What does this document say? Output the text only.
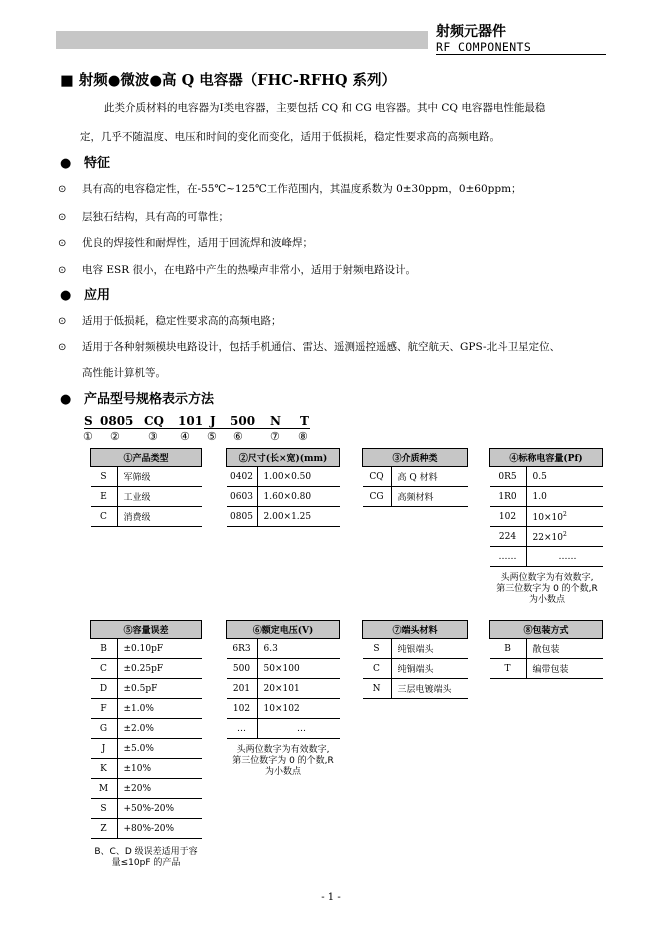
射频元器件
RF COMPONENTS
■ 射频●微波●高 Q 电容器（FHC-RFHQ 系列）
此类介质材料的电容器为Ⅰ类电容器，主要包括 CQ 和 CG 电容器。其中 CQ 电容器电性能最稳
定，几乎不随温度、电压和时间的变化而变化，适用于低损耗，稳定性要求高的高频电路。
● 特征
⊙ 具有高的电容稳定性，在-55℃~125℃工作范围内，其温度系数为 0±30ppm，0±60ppm；
⊙ 层独石结构，具有高的可靠性；
⊙ 优良的焊接性和耐焊性，适用于回流焊和波峰焊；
⊙ 电容 ESR 很小，在电路中产生的热噪声非常小，适用于射频电路设计。
● 应用
⊙ 适用于低损耗，稳定性要求高的高频电路；
⊙ 适用于各种射频模块电路设计，包括手机通信、雷达、遥测遥控遥感、航空航天、GPS-北斗卫星定位、
高性能计算机等。
● 产品型号规格表示方法
S 0805 CQ 101 J 500 N T
① ②	③ ④ ⑤ ⑥ ⑦ ⑧
①产品类型	
S	军筛级
E	工业级
C	消费级
②尺寸(长×宽)(mm)	
0402	1.00×0.50
0603	1.60×0.80
0805	2.00×1.25
③介质种类	
CQ	高 Q 材料
CG	高频材料
④标称电容量(Pf)	
0R5	0.5
1R0	1.0
102	$10\times 10^2$
224	$22\times 10^2$
……	……
头两位数字为有效数字,
第三位数字为 0 的个数,R
为小数点
⑤容量误差	
B	±0.10pF
C	±0.25pF
D	±0.5pF
F	±1.0%
G	±2.0%
J	±5.0%
K	±10%
M	±20%
S	+50%-20%
Z	+80%-20%
B、C、D 级误差适用于容
量≤10pF 的产品
⑥额定电压(V)	
6R3	6.3
500	50×100
201	20×101
102	10×102
…	…
头两位数字为有效数字,
第三位数字为 0 的个数,R
为小数点
⑦端头材料	
S	纯银端头
C	纯铜端头
N	三层电镀端头
⑧包装方式	
B	散包装
T	编带包装
- 1 -
